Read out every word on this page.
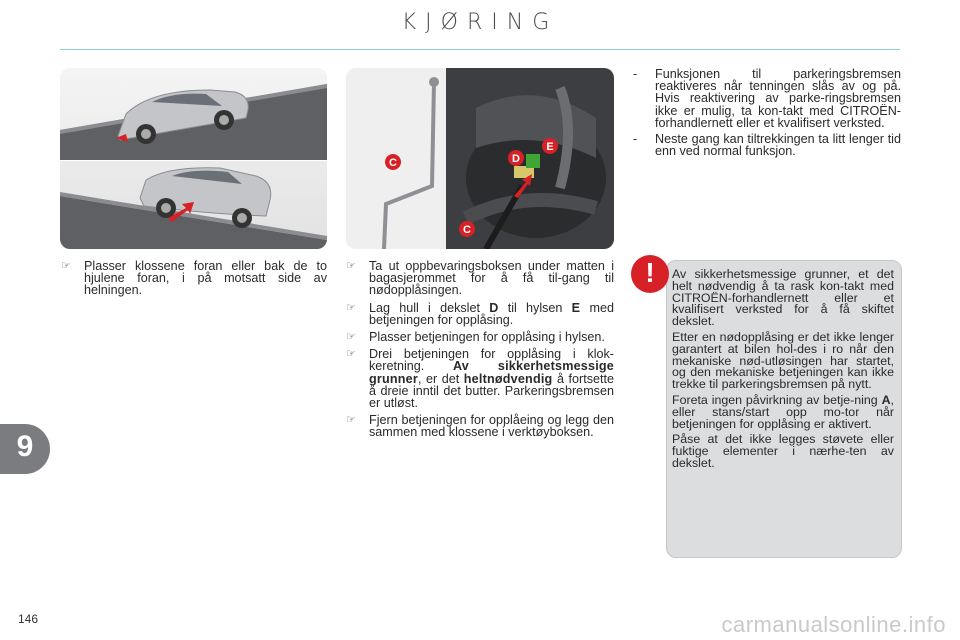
KJØRING
C
C
D
E
☞ Plasser klossene foran eller bak de to hjulene foran, i på motsatt side av helningen.
☞ Ta ut oppbevaringsboksen under matten i bagasjerommet for å få til-gang til nødopplåsingen.
☞ Lag hull i dekslet D til hylsen E med betjeningen for opplåsing.
☞ Plasser betjeningen for opplåsing i hylsen.
☞ Drei betjeningen for opplåsing i klok-keretning. Av sikkerhetsmessige grunner, er det heltnødvendig å fortsette å dreie inntil det butter. Parkeringsbremsen er utløst.
☞ Fjern betjeningen for opplåeing og legg den sammen med klossene i verktøyboksen.
- Funksjonen til parkeringsbremsen reaktiveres når tenningen slås av og på. Hvis reaktivering av parke-ringsbremsen ikke er mulig, ta kon-takt med CITROËN-forhandlernett eller et kvalifisert verksted.
- Neste gang kan tiltrekkingen ta litt lenger tid enn ved normal funksjon.
!	Av sikkerhetsmessige grunner, et det helt nødvendig å ta rask kon-takt med CITROËN-forhandlernett eller et kvalifisert verksted for å få skiftet dekslet.

Etter en nødopplåsing er det ikke lenger garantert at bilen hol-des i ro når den mekaniske nød-utløsingen har startet, og den mekaniske betjeningen kan ikke trekke til parkeringsbremsen på nytt.

Foreta ingen påvirkning av betje-ning A, eller stans/start opp mo-tor når betjeningen for opplåsing er aktivert.

Påse at det ikke legges støvete eller fuktige elementer i nærhe-ten av dekslet.

9
146	carmanualsonline.info
